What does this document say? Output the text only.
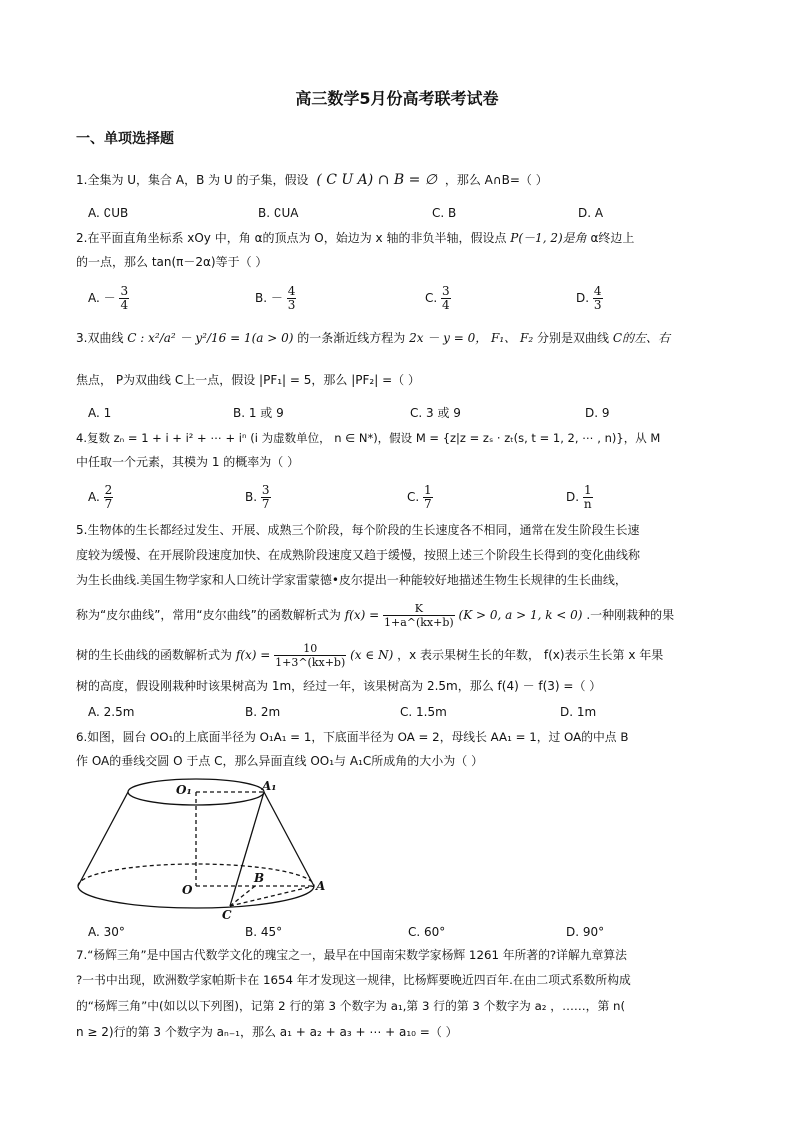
高三数学5月份高考联考试卷
一、单项选择题
1.全集为 U，集合 A，B 为 U 的子集，假设 ( C U A) ∩ B = ∅ ，那么 A∩B=（ ）
A. ∁UB	B. ∁UA	C. B	D. A
2.在平面直角坐标系 xOy 中，角 α的顶点为 O，始边为 x 轴的非负半轴，假设点 P(－1, 2)是角 α终边上
的一点，那么 tan(π－2α)等于（ ）
A. － $\frac{3}{4}$	B. － $\frac{4}{3}$	C. $\frac{3}{4}$	D. $\frac{4}{3}$
3.双曲线 C : x²/a² － y²/16 = 1(a > 0) 的一条渐近线方程为 2x － y = 0， F₁、 F₂ 分别是双曲线 C的左、右
焦点， P为双曲线 C上一点，假设 |PF₁| = 5，那么 |PF₂| =（ ）
A. 1	B. 1 或 9	C. 3 或 9	D. 9
4.复数 zₙ = 1 + i + i² + ⋯ + iⁿ (i 为虚数单位， n ∈ N*)，假设 M = {z|z = zₛ · zₜ(s, t = 1, 2, ⋯ , n)}，从 M
中任取一个元素，其模为 1 的概率为（ ）
A. $\frac{2}{7}$	B. $\frac{3}{7}$	C. $\frac{1}{7}$	D. $\frac{1}{n}$
5.生物体的生长都经过发生、开展、成熟三个阶段，每个阶段的生长速度各不相同，通常在发生阶段生长速
度较为缓慢、在开展阶段速度加快、在成熟阶段速度又趋于缓慢，按照上述三个阶段生长得到的变化曲线称
为生长曲线.美国生物学家和人口统计学家雷蒙德•皮尔提出一种能较好地描述生物生长规律的生长曲线，
称为“皮尔曲线”，常用“皮尔曲线”的函数解析式为 $f(x) = \frac{K}{1+a\^{}(kx+b)} (K > 0$, a > 1, k < 0) .一种刚栽种的果
树的生长曲线的函数解析式为 $f(x) = \frac{10}{1+3\^{}(kx+b)} (x$ ∈ N) ，x 表示果树生长的年数， f(x)表示生长第 x 年果
树的高度，假设刚栽种时该果树高为 1m，经过一年，该果树高为 2.5m，那么 f(4) － f(3) =（ ）
A. 2.5m	B. 2m	C. 1.5m	D. 1m
6.如图，圆台 OO₁的上底面半径为 O₁A₁ = 1，下底面半径为 OA = 2，母线长 AA₁ = 1，过 OA的中点 B
作 OA的垂线交圆 O 于点 C，那么异面直线 OO₁与 A₁C所成角的大小为（ ）
O₁	A₁
O
B
A
C
A. 30°	B. 45°	C. 60°	D. 90°
7.“杨辉三角”是中国古代数学文化的瑰宝之一，最早在中国南宋数学家杨辉 1261 年所著的?详解九章算法
?一书中出现，欧洲数学家帕斯卡在 1654 年才发现这一规律，比杨辉要晚近四百年.在由二项式系数所构成
的“杨辉三角”中(如以以下列图)，记第 2 行的第 3 个数字为 a₁,第 3 行的第 3 个数字为 a₂ ，……，第 n(
n ≥ 2)行的第 3 个数字为 aₙ₋₁，那么 a₁ + a₂ + a₃ + ⋯ + a₁₀ =（ ）
